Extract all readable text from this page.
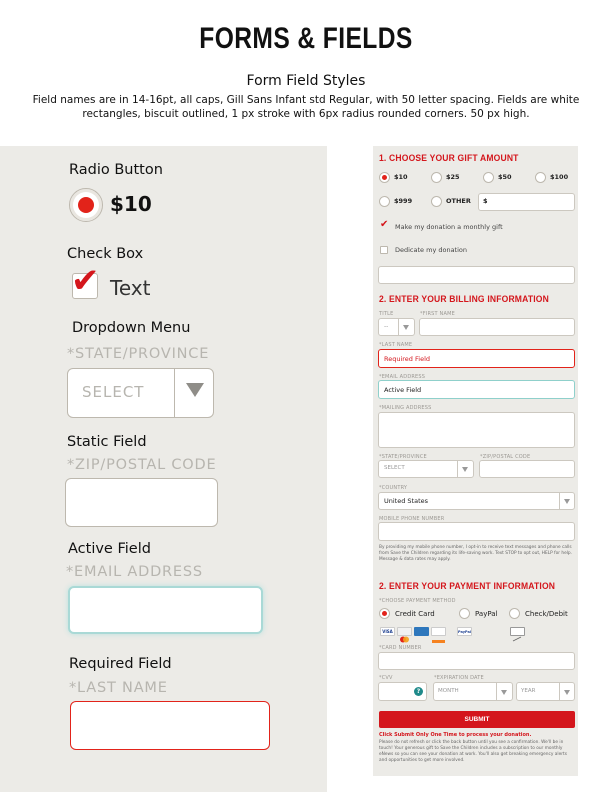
FORMS & FIELDS
Form Field Styles
Field names are in 14-16pt, all caps, Gill Sans Infant std Regular, with 50 letter spacing. Fields are white rectangles, biscuit outlined, 1 px stroke with 6px radius rounded corners. 50 px high.
Radio Button
$10
Check Box
✔ Text
Dropdown Menu
*STATE/PROVINCE
SELECT
Static Field
*ZIP/POSTAL CODE
Active Field
*EMAIL ADDRESS
Required Field
*LAST NAME
1. CHOOSE YOUR GIFT AMOUNT
$10	$25	$50	$100
$999	OTHER $
✔ Make my donation a monthly gift
Dedicate my donation
2. ENTER YOUR BILLING INFORMATION
TITLE	*FIRST NAME
--
*LAST NAME
Required Field
*EMAIL ADDRESS
Active Field
*MAILING ADDRESS
*STATE/PROVINCE	*ZIP/POSTAL CODE
SELECT
*COUNTRY
United States
MOBILE PHONE NUMBER
By providing my mobile phone number, I opt-in to receive text messages and phone calls from Save the Children regarding its life-saving work. Text STOP to opt out, HELP for help. Message & data rates may apply.
2. ENTER YOUR PAYMENT INFORMATION
*CHOOSE PAYMENT METHOD
Credit Card	PayPal	Check/Debit
VISA	PayPal
*CARD NUMBER
*CVV	*EXPIRATION DATE
?	MONTH	YEAR
SUBMIT
Click Submit Only One Time to process your donation.
Please do not refresh or click the back button until you see a confirmation. We'll be in touch! Your generous gift to Save the Children includes a subscription to our monthly eNews so you can see your donation at work. You'll also get breaking emergency alerts and opportunities to get more involved.
